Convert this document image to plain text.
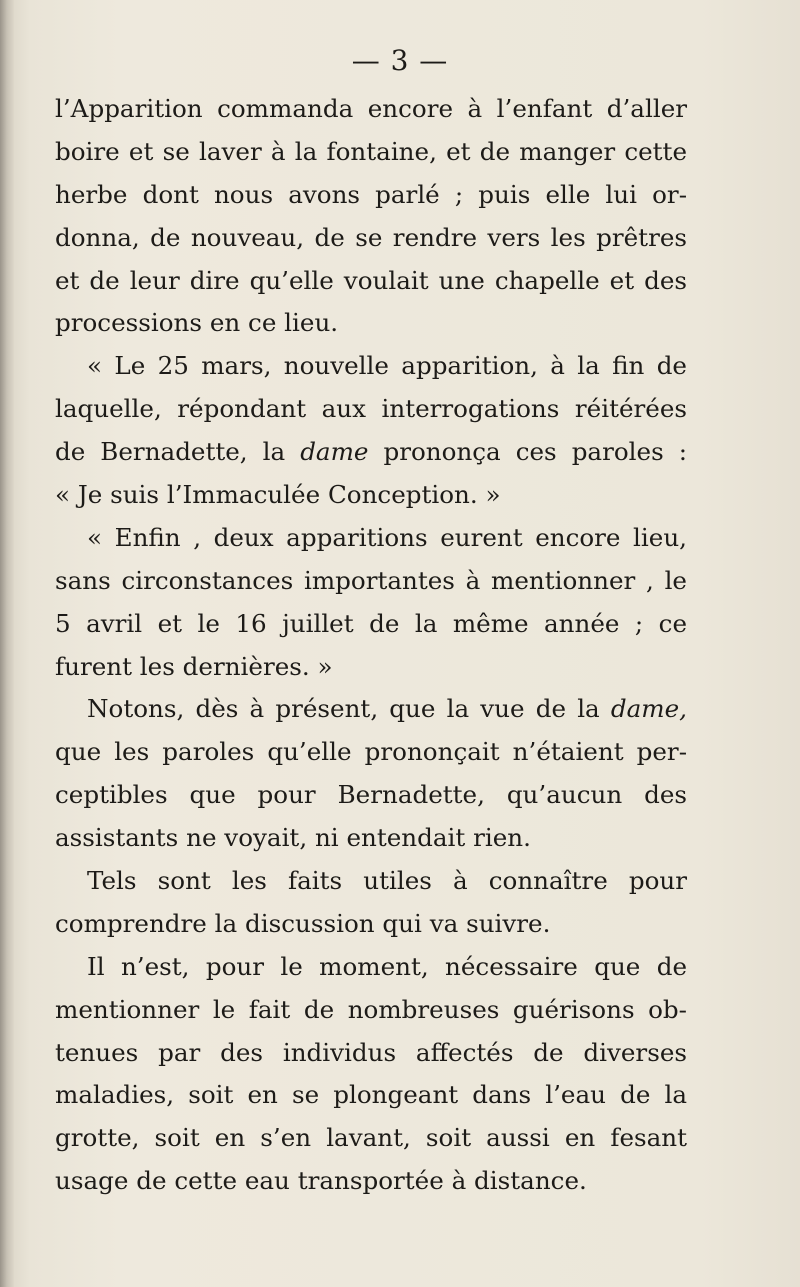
— 3 —
l’Apparition commanda encore à l’enfant d’aller
boire et se laver à la fontaine, et de manger cette
herbe dont nous avons parlé ; puis elle lui or-
donna, de nouveau, de se rendre vers les prêtres
et de leur dire qu’elle voulait une chapelle et des
processions en ce lieu.
« Le 25 mars, nouvelle apparition, à la fin de
laquelle, répondant aux interrogations réitérées
de Bernadette, la dame prononça ces paroles :
« Je suis l’Immaculée Conception. »
« Enfin , deux apparitions eurent encore lieu,
sans circonstances importantes à mentionner , le
5 avril et le 16 juillet de la même année ; ce
furent les dernières. »
Notons, dès à présent, que la vue de la dame,
que les paroles qu’elle prononçait n’étaient per-
ceptibles que pour Bernadette, qu’aucun des
assistants ne voyait, ni entendait rien.
Tels sont les faits utiles à connaître pour
comprendre la discussion qui va suivre.
Il n’est, pour le moment, nécessaire que de
mentionner le fait de nombreuses guérisons ob-
tenues par des individus affectés de diverses
maladies, soit en se plongeant dans l’eau de la
grotte, soit en s’en lavant, soit aussi en fesant
usage de cette eau transportée à distance.
